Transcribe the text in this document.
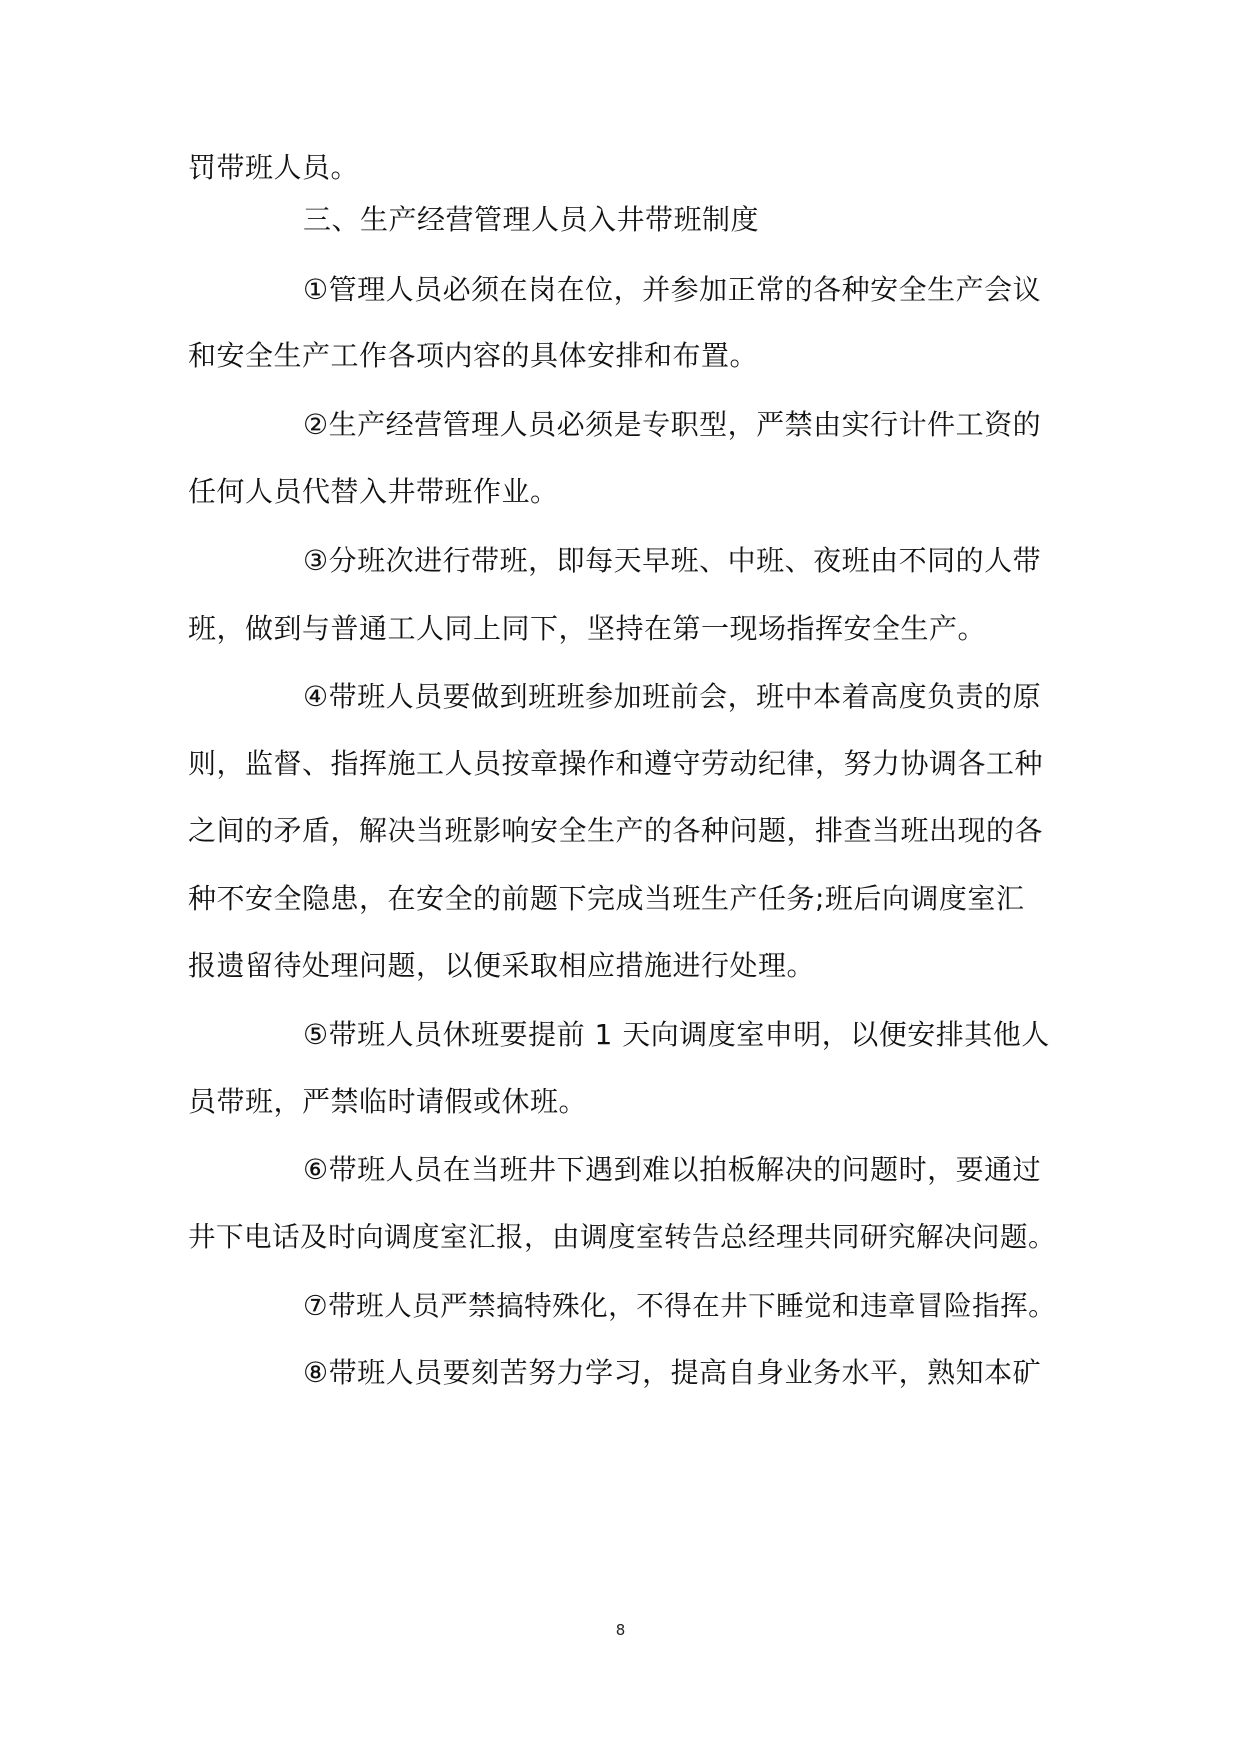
罚带班人员。
三、生产经营管理人员入井带班制度
①管理人员必须在岗在位，并参加正常的各种安全生产会议
和安全生产工作各项内容的具体安排和布置。
②生产经营管理人员必须是专职型，严禁由实行计件工资的
任何人员代替入井带班作业。
③分班次进行带班，即每天早班、中班、夜班由不同的人带
班，做到与普通工人同上同下，坚持在第一现场指挥安全生产。
④带班人员要做到班班参加班前会，班中本着高度负责的原
则，监督、指挥施工人员按章操作和遵守劳动纪律，努力协调各工种
之间的矛盾，解决当班影响安全生产的各种问题，排查当班出现的各
种不安全隐患，在安全的前题下完成当班生产任务;班后向调度室汇
报遗留待处理问题，以便采取相应措施进行处理。
⑤带班人员休班要提前 1 天向调度室申明，以便安排其他人
员带班，严禁临时请假或休班。
⑥带班人员在当班井下遇到难以拍板解决的问题时，要通过
井下电话及时向调度室汇报，由调度室转告总经理共同研究解决问题。
⑦带班人员严禁搞特殊化，不得在井下睡觉和违章冒险指挥。
⑧带班人员要刻苦努力学习，提高自身业务水平，熟知本矿
8
